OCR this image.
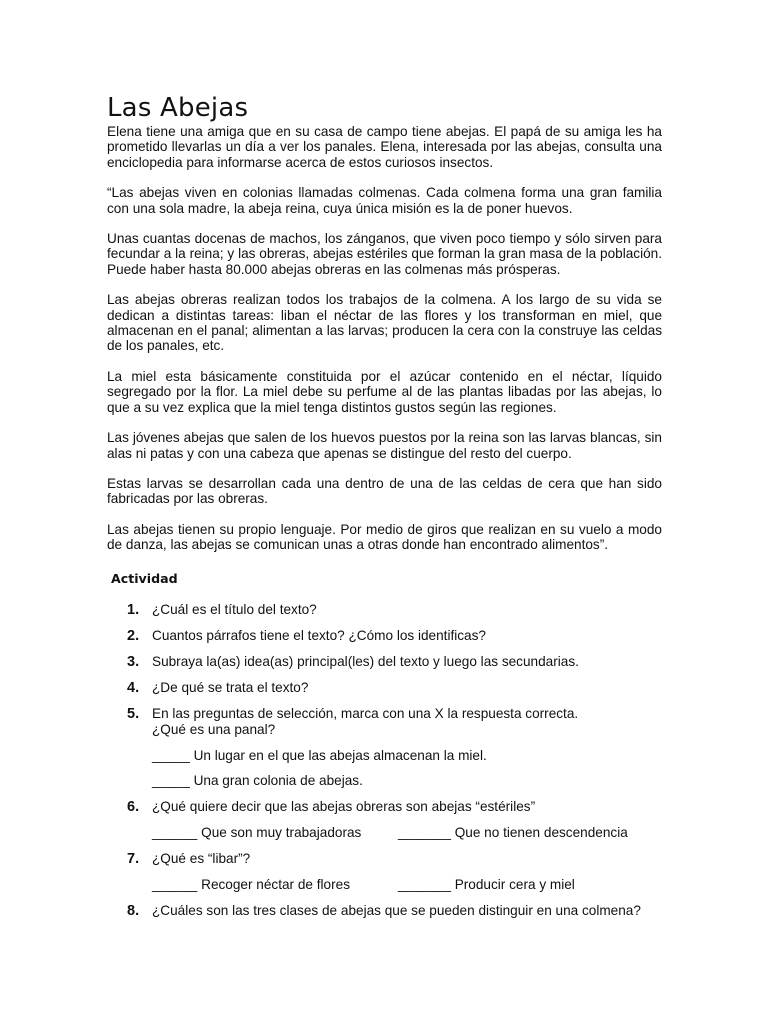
Las Abejas

Elena tiene una amiga que en su casa de campo tiene abejas. El papá de su amiga les ha prometido llevarlas un día a ver los panales. Elena, interesada por las abejas, consulta una enciclopedia para informarse acerca de estos curiosos insectos.

“Las abejas viven en colonias llamadas colmenas. Cada colmena forma una gran familia con una sola madre, la abeja reina, cuya única misión es la de poner huevos.

Unas cuantas docenas de machos, los zánganos, que viven poco tiempo y sólo sirven para fecundar a la reina; y las obreras, abejas estériles que forman la gran masa de la población. Puede haber hasta 80.000 abejas obreras en las colmenas más prósperas.

Las abejas obreras realizan todos los trabajos de la colmena. A los largo de su vida se dedican a distintas tareas: liban el néctar de las flores y los transforman en miel, que almacenan en el panal; alimentan a las larvas; producen la cera con la construye las celdas de los panales, etc.

La miel esta básicamente constituida por el azúcar contenido en el néctar, líquido segregado por la flor. La miel debe su perfume al de las plantas libadas por las abejas, lo que a su vez explica que la miel tenga distintos gustos según las regiones.

Las jóvenes abejas que salen de los huevos puestos por la reina son las larvas blancas, sin alas ni patas y con una cabeza que apenas se distingue del resto del cuerpo.

Estas larvas se desarrollan cada una dentro de una de las celdas de cera que han sido fabricadas por las obreras.

Las abejas tienen su propio lenguaje. Por medio de giros que realizan en su vuelo a modo de danza, las abejas se comunican unas a otras donde han encontrado alimentos”.

Actividad
1. ¿Cuál es el título del texto?
2. Cuantos párrafos tiene el texto? ¿Cómo los identificas?
3. Subraya la(as) idea(as) principal(les) del texto y luego las secundarias.
4. ¿De qué se trata el texto?
5. En las preguntas de selección, marca con una X la respuesta correcta.
¿Qué es una panal?
_____ Un lugar en el que las abejas almacenan la miel.
_____ Una gran colonia de abejas.
6. ¿Qué quiere decir que las abejas obreras son abejas “estériles”
______ Que son muy trabajadoras	_______ Que no tienen descendencia
7. ¿Qué es “libar”?
______ Recoger néctar de flores	_______ Producir cera y miel
8. ¿Cuáles son las tres clases de abejas que se pueden distinguir en una colmena?
